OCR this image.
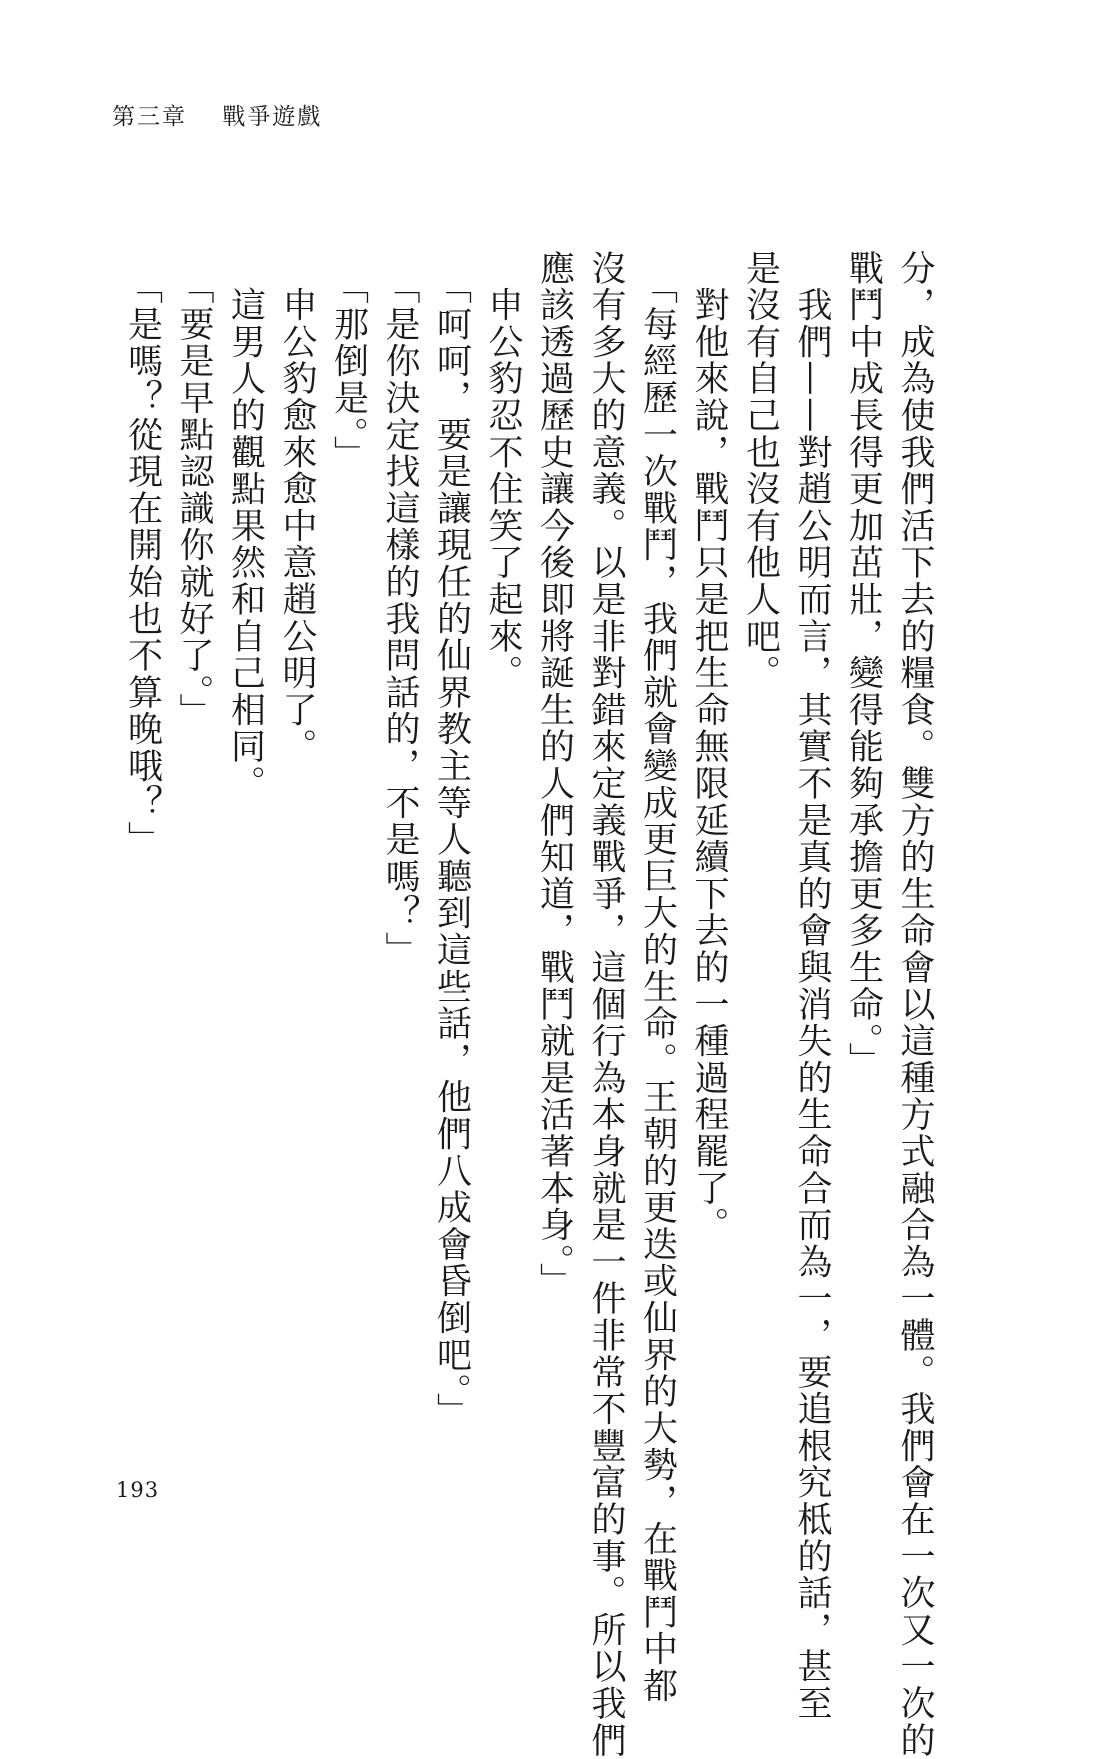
第三章 戰爭遊戲
分，成為使我們活下去的糧食。雙方的生命會以這種方式融合為一體。我們會在一次又一次的
戰鬥中成長得更加茁壯，變得能夠承擔更多生命。」
　我們——對趙公明而言，其實不是真的會與消失的生命合而為一，要追根究柢的話，甚至
是沒有自己也沒有他人吧。
　對他來說，戰鬥只是把生命無限延續下去的一種過程罷了。
　「每經歷一次戰鬥，我們就會變成更巨大的生命。王朝的更迭或仙界的大勢，在戰鬥中都
沒有多大的意義。以是非對錯來定義戰爭，這個行為本身就是一件非常不豐富的事。所以我們
應該透過歷史讓今後即將誕生的人們知道，戰鬥就是活著本身。」
　申公豹忍不住笑了起來。
　「呵呵，要是讓現任的仙界教主等人聽到這些話，他們八成會昏倒吧。」
　「是你決定找這樣的我問話的，不是嗎？」
　「那倒是。」
　申公豹愈來愈中意趙公明了。
　這男人的觀點果然和自己相同。
　「要是早點認識你就好了。」
　「是嗎？從現在開始也不算晚哦？」
193
